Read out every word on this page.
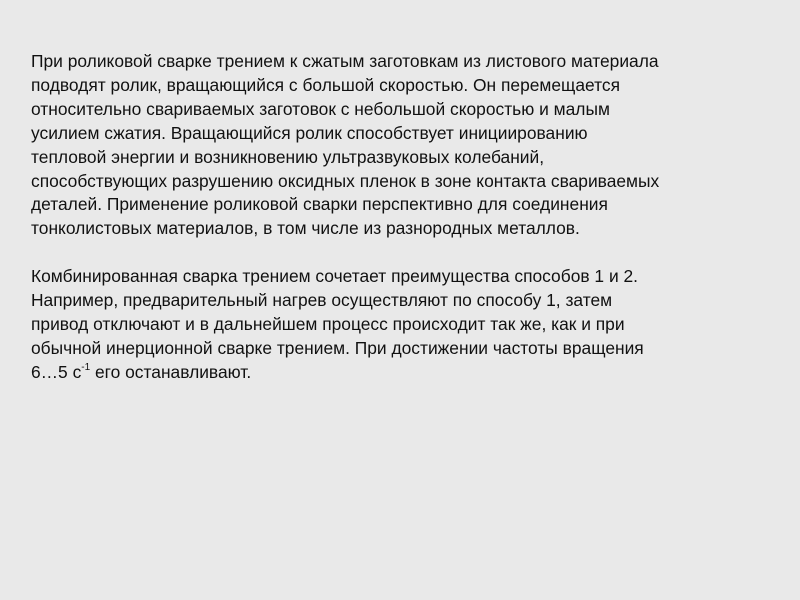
При роликовой сварке трением к сжатым заготовкам из листового материала
подводят ролик, вращающийся с большой скоростью. Он перемещается
относительно свариваемых заготовок с небольшой скоростью и малым
усилием сжатия. Вращающийся ролик способствует инициированию
тепловой энергии и возникновению ультразвуковых колебаний,
способствующих разрушению оксидных пленок в зоне контакта свариваемых
деталей. Применение роликовой сварки перспективно для соединения
тонколистовых материалов, в том числе из разнородных металлов.

Комбинированная сварка трением сочетает преимущества способов 1 и 2.
Например, предварительный нагрев осуществляют по способу 1, затем
привод отключают и в дальнейшем процесс происходит так же, как и при
обычной инерционной сварке трением. При достижении частоты вращения
6…5 $с^{-1}$ его останавливают.
